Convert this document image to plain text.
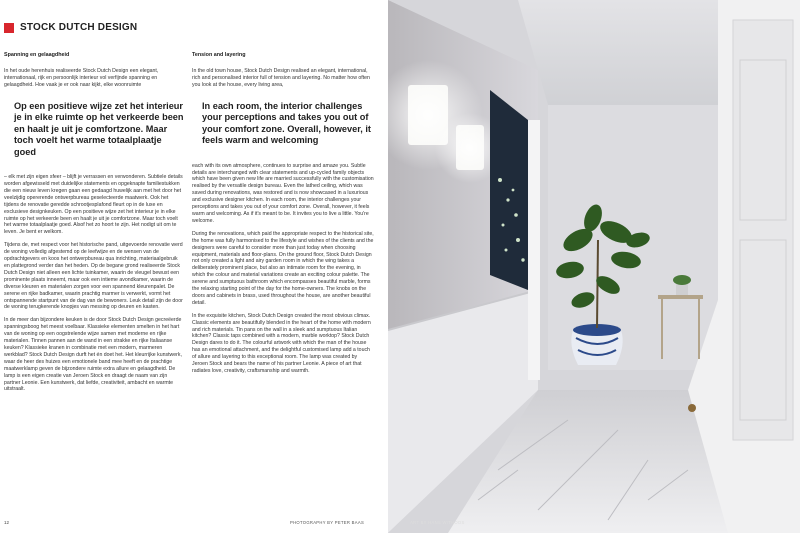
STOCK DUTCH DESIGN
Spanning en gelaagdheid

In het oude herenhuis realiseerde Stock Dutch Design een elegant, internationaal, rijk en persoonlijk interieur vol verfijnde spanning en gelaagdheid. Hoe vaak je er ook naar kijkt, elke woonruimte

Op een positieve wijze zet het interieur je in elke ruimte op het verkeerde been en haalt je uit je comfortzone. Maar toch voelt het warme totaalplaatje goed

– elk met zijn eigen sfeer – blijft je verrassen en verwonderen. Subtiele details worden afgewisseld met duidelijke statements en opgeknapte familiestukken die een nieuw leven kregen gaan een gedaagd huwelijk aan met het door het veelzijdig opererende ontwerpbureau geselecteerde maatwerk. Ook het tijdens de renovatie geredde schrootjesplafond fleurt op in de luxe en exclusieve designkeuken. Op een positieve wijze zet het interieur je in elke ruimte op het verkeerde been en haalt je uit je comfortzone. Maar toch voelt het warme totaalplaatje goed. Alsof het zo hoort te zijn. Het nodigt uit om te leven. Je bent er welkom.

Tijdens de, met respect voor het historische pand, uitgevoerde renovatie werd de woning volledig afgestemd op de leefwijze en de wensen van de opdrachtgevers en koos het ontwerpbureau qua inrichting, materiaalgebruik en plattegrond verder dan het heden. Op de begane grond realiseerde Stock Dutch Design niet alleen een lichte tuinkamer, waarin de vleugel bewust een prominente plaats inneemt, maar ook een intieme avondkamer, waarin de diverse kleuren en materialen zorgen voor een spannend kleurenpalet. De serene en rijke badkamer, waarin prachtig marmer is verwerkt, vormt het ontspannende startpunt van de dag van de bewoners. Leuk detail zijn de door de woning terugkerende knopjes van messing op deuren en kasten.

In de meer dan bijzondere keuken is de door Stock Dutch Design gecreëerde spanningsboog het meest voelbaar. Klassieke elementen smelten in het hart van de woning op een oogstrelende wijze samen met moderne en rijke materialen. Tinnen pannen aan de wand in een strakke en rijke Italiaanse keuken? Klassieke kranen in combinatie met een modern, marmeren werkblad? Stock Dutch Design durft het én doet het. Het kleurrijke kunstwerk, waar de heer des huizes een emotionele band mee heeft en de prachtige maatwerklamp geven de bijzondere ruimte extra allure en gelaagdheid. De lamp is een eigen creatie van Jeroen Stock en draagt de naam van zijn partner Leonie. Een kunstwerk, dat liefde, creativiteit, ambacht en warmte uitstraalt.

Tension and layering

In the old town house, Stock Dutch Design realised an elegant, international, rich and personalised interior full of tension and layering. No matter how often you look at the house, every living area,

In each room, the interior challenges your perceptions and takes you out of your comfort zone. Overall, however, it feels warm and welcoming

each with its own atmosphere, continues to surprise and amaze you. Subtle details are interchanged with clear statements and up-cycled family objects which have been given new life are married successfully with the customisation realised by the versatile design bureau. Even the lathed ceiling, which was saved during renovations, was restored and is now showcased in a luxurious and exclusive designer kitchen. In each room, the interior challenges your perceptions and takes you out of your comfort zone. Overall, however, it feels warm and welcoming. As if it's meant to be. It invites you to live a little. You're welcome.

During the renovations, which paid the appropriate respect to the historical site, the home was fully harmonised to the lifestyle and wishes of the clients and the designers were careful to consider more than just today when choosing equipment, materials and floor-plans. On the ground floor, Stock Dutch Design not only created a light and airy garden room in which the wing takes a deliberately prominent place, but also an intimate room for the evening, in which the colour and material variations create an exciting colour palette. The serene and sumptuous bathroom which encompasses beautiful marble, forms the relaxing starting point of the day for the home-owners. The knobs on the doors and cabinets in brass, used throughout the house, are another beautiful detail.

In the exquisite kitchen, Stock Dutch Design created the most obvious climax. Classic elements are beautifully blended in the heart of the home with modern and rich materials. Tin pans on the wall in a sleek and sumptuous Italian kitchen? Classic taps combined with a modern, marble worktop? Stock Dutch Design dares to do it. The colourful artwork with which the man of the house has an emotional attachment, and the delightful customised lamp add a touch of allure and layering to this exceptional room. The lamp was created by Jeroen Stock and bears the name of his partner Leonie. A piece of art that radiates love, creativity, craftsmanship and warmth.

12	PHOTOGRAPHY BY PETER BAAS	ART BY HANS WITHOOS
